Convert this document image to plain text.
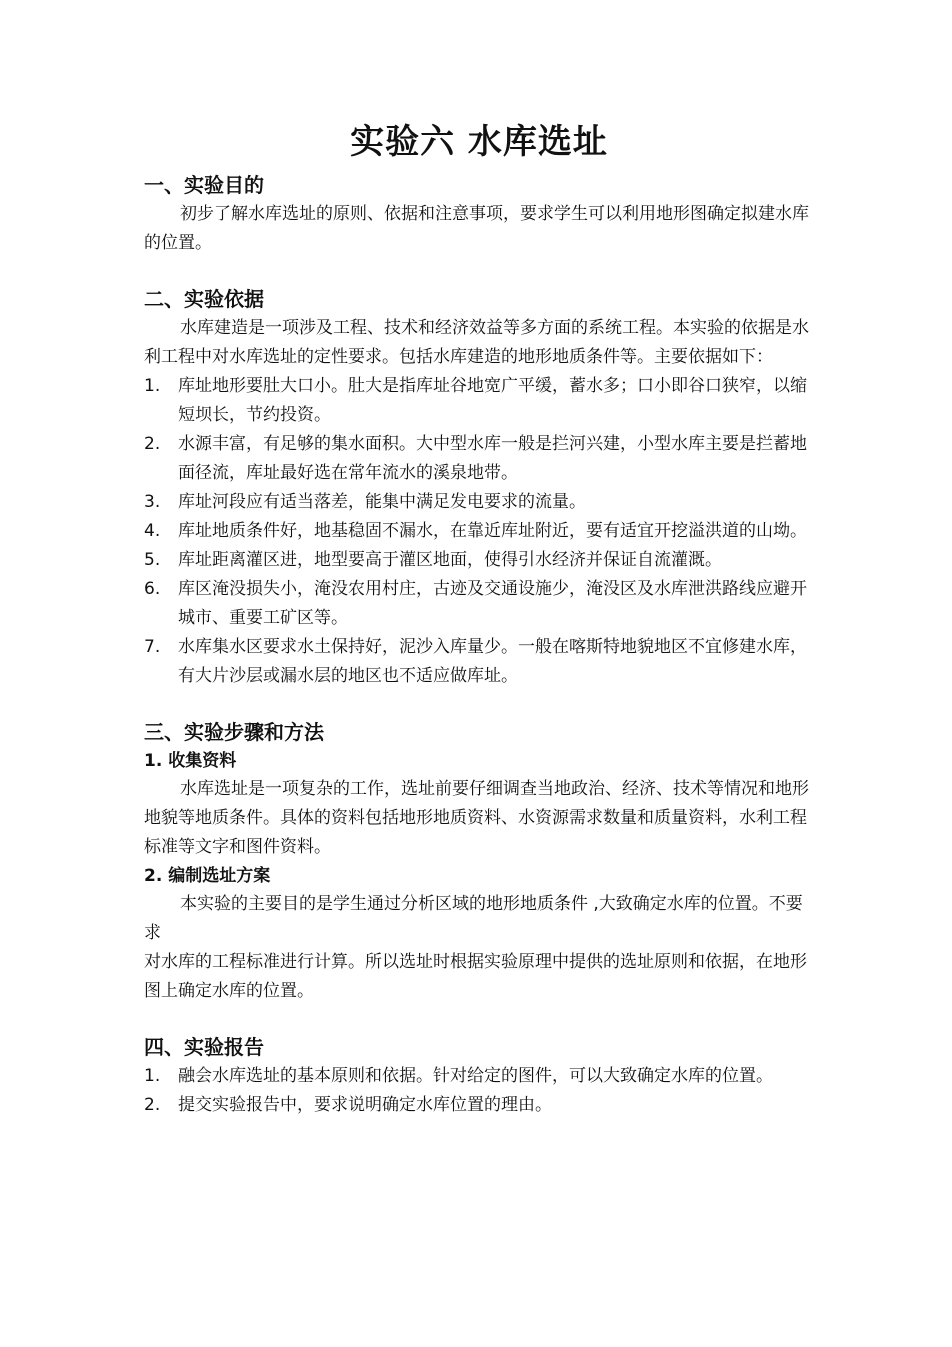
实验六 水库选址
一、实验目的

初步了解水库选址的原则、依据和注意事项，要求学生可以利用地形图确定拟建水库的位置。

二、实验依据

水库建造是一项涉及工程、技术和经济效益等多方面的系统工程。本实验的依据是水利工程中对水库选址的定性要求。包括水库建造的地形地质条件等。主要依据如下：

1. 库址地形要肚大口小。肚大是指库址谷地宽广平缓，蓄水多；口小即谷口狭窄，以缩短坝长，节约投资。
2. 水源丰富，有足够的集水面积。大中型水库一般是拦河兴建，小型水库主要是拦蓄地面径流，库址最好选在常年流水的溪泉地带。
3. 库址河段应有适当落差，能集中满足发电要求的流量。
4. 库址地质条件好，地基稳固不漏水，在靠近库址附近，要有适宜开挖溢洪道的山坳。
5. 库址距离灌区进，地型要高于灌区地面，使得引水经济并保证自流灌溉。
6. 库区淹没损失小，淹没农用村庄，古迹及交通设施少，淹没区及水库泄洪路线应避开城市、重要工矿区等。
7. 水库集水区要求水土保持好，泥沙入库量少。一般在喀斯特地貌地区不宜修建水库，有大片沙层或漏水层的地区也不适应做库址。
三、实验步骤和方法
1. 收集资料

水库选址是一项复杂的工作，选址前要仔细调查当地政治、经济、技术等情况和地形地貌等地质条件。具体的资料包括地形地质资料、水资源需求数量和质量资料，水利工程标准等文字和图件资料。

2. 编制选址方案

本实验的主要目的是学生通过分析区域的地形地质条件 ,大致确定水库的位置。不要求

对水库的工程标准进行计算。所以选址时根据实验原理中提供的选址原则和依据，在地形图上确定水库的位置。

四、实验报告
1. 融会水库选址的基本原则和依据。针对给定的图件，可以大致确定水库的位置。
2. 提交实验报告中，要求说明确定水库位置的理由。
